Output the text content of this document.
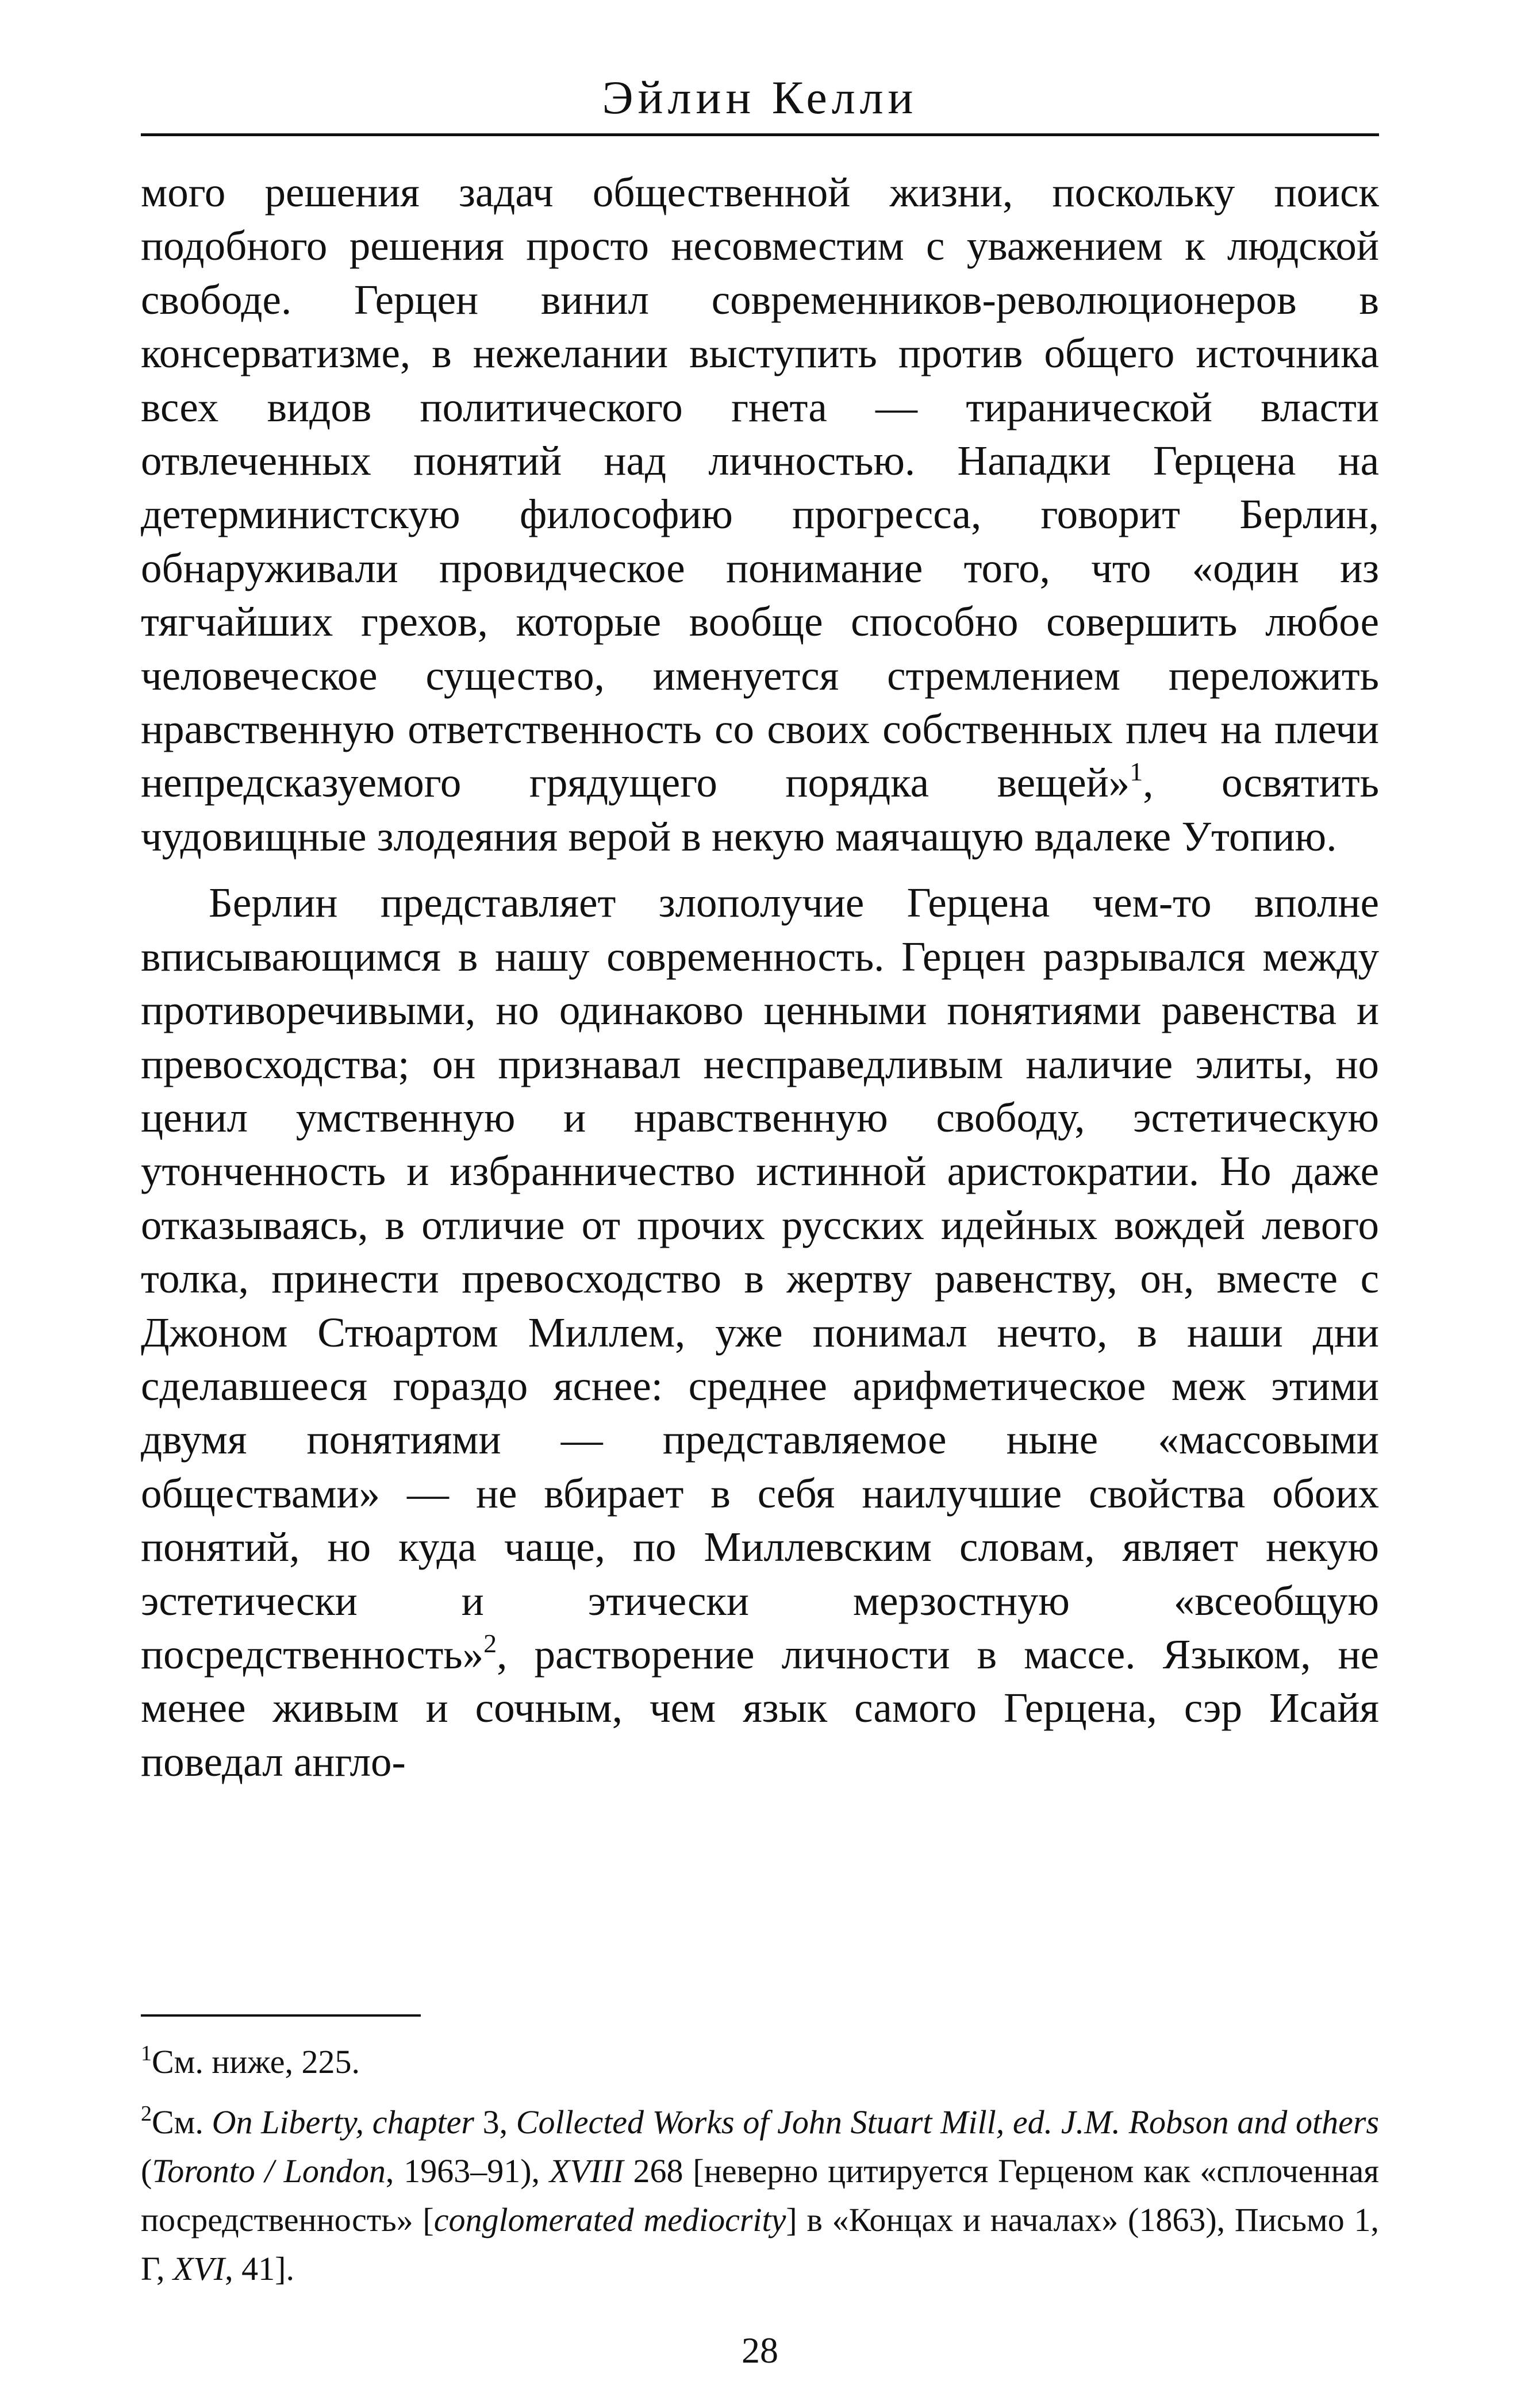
Эйлин Келли

мого решения задач общественной жизни, поскольку поиск подобного решения просто несовместим с уважением к людской свободе. Герцен винил современников-революционеров в консерватизме, в нежелании выступить против общего источника всех видов политического гнета — тиранической власти отвлеченных понятий над личностью. Нападки Герцена на детерминистскую философию прогресса, говорит Берлин, обнаруживали провидческое понимание того, что «один из тягчайших грехов, которые вообще способно совершить любое человеческое существо, именуется стремлением переложить нравственную ответственность со своих собственных плеч на плечи непредсказуемого грядущего порядка вещей»$^1$, освятить чудовищные злодеяния верой в некую маячащую вдалеке Утопию.

Берлин представляет злополучие Герцена чем-то вполне вписывающимся в нашу современность. Герцен разрывался между противоречивыми, но одинаково ценными понятиями равенства и превосходства; он признавал несправедливым наличие элиты, но ценил умственную и нравственную свободу, эстетическую утонченность и избранничество истинной аристократии. Но даже отказываясь, в отличие от прочих русских идейных вождей левого толка, принести превосходство в жертву равенству, он, вместе с Джоном Стюартом Миллем, уже понимал нечто, в наши дни сделавшееся гораздо яснее: среднее арифметическое меж этими двумя понятиями — представляемое ныне «массовыми обществами» — не вбирает в себя наилучшие свойства обоих понятий, но куда чаще, по Миллевским словам, являет некую эстетически и этически мерзостную «всеобщую посредственность»$^2$, растворение личности в массе. Языком, не менее живым и сочным, чем язык самого Герцена, сэр Исайя поведал англо-

$^1$См. ниже, 225.

$^2$См. On Liberty, chapter 3, Collected Works of John Stuart Mill, ed. J.M. Robson and others (Toronto / London, 1963–91), XVIII 268 [неверно цитируется Герценом как «сплоченная посредственность» [conglomerated mediocrity] в «Концах и началах» (1863), Письмо 1, Г, XVI, 41].

28
